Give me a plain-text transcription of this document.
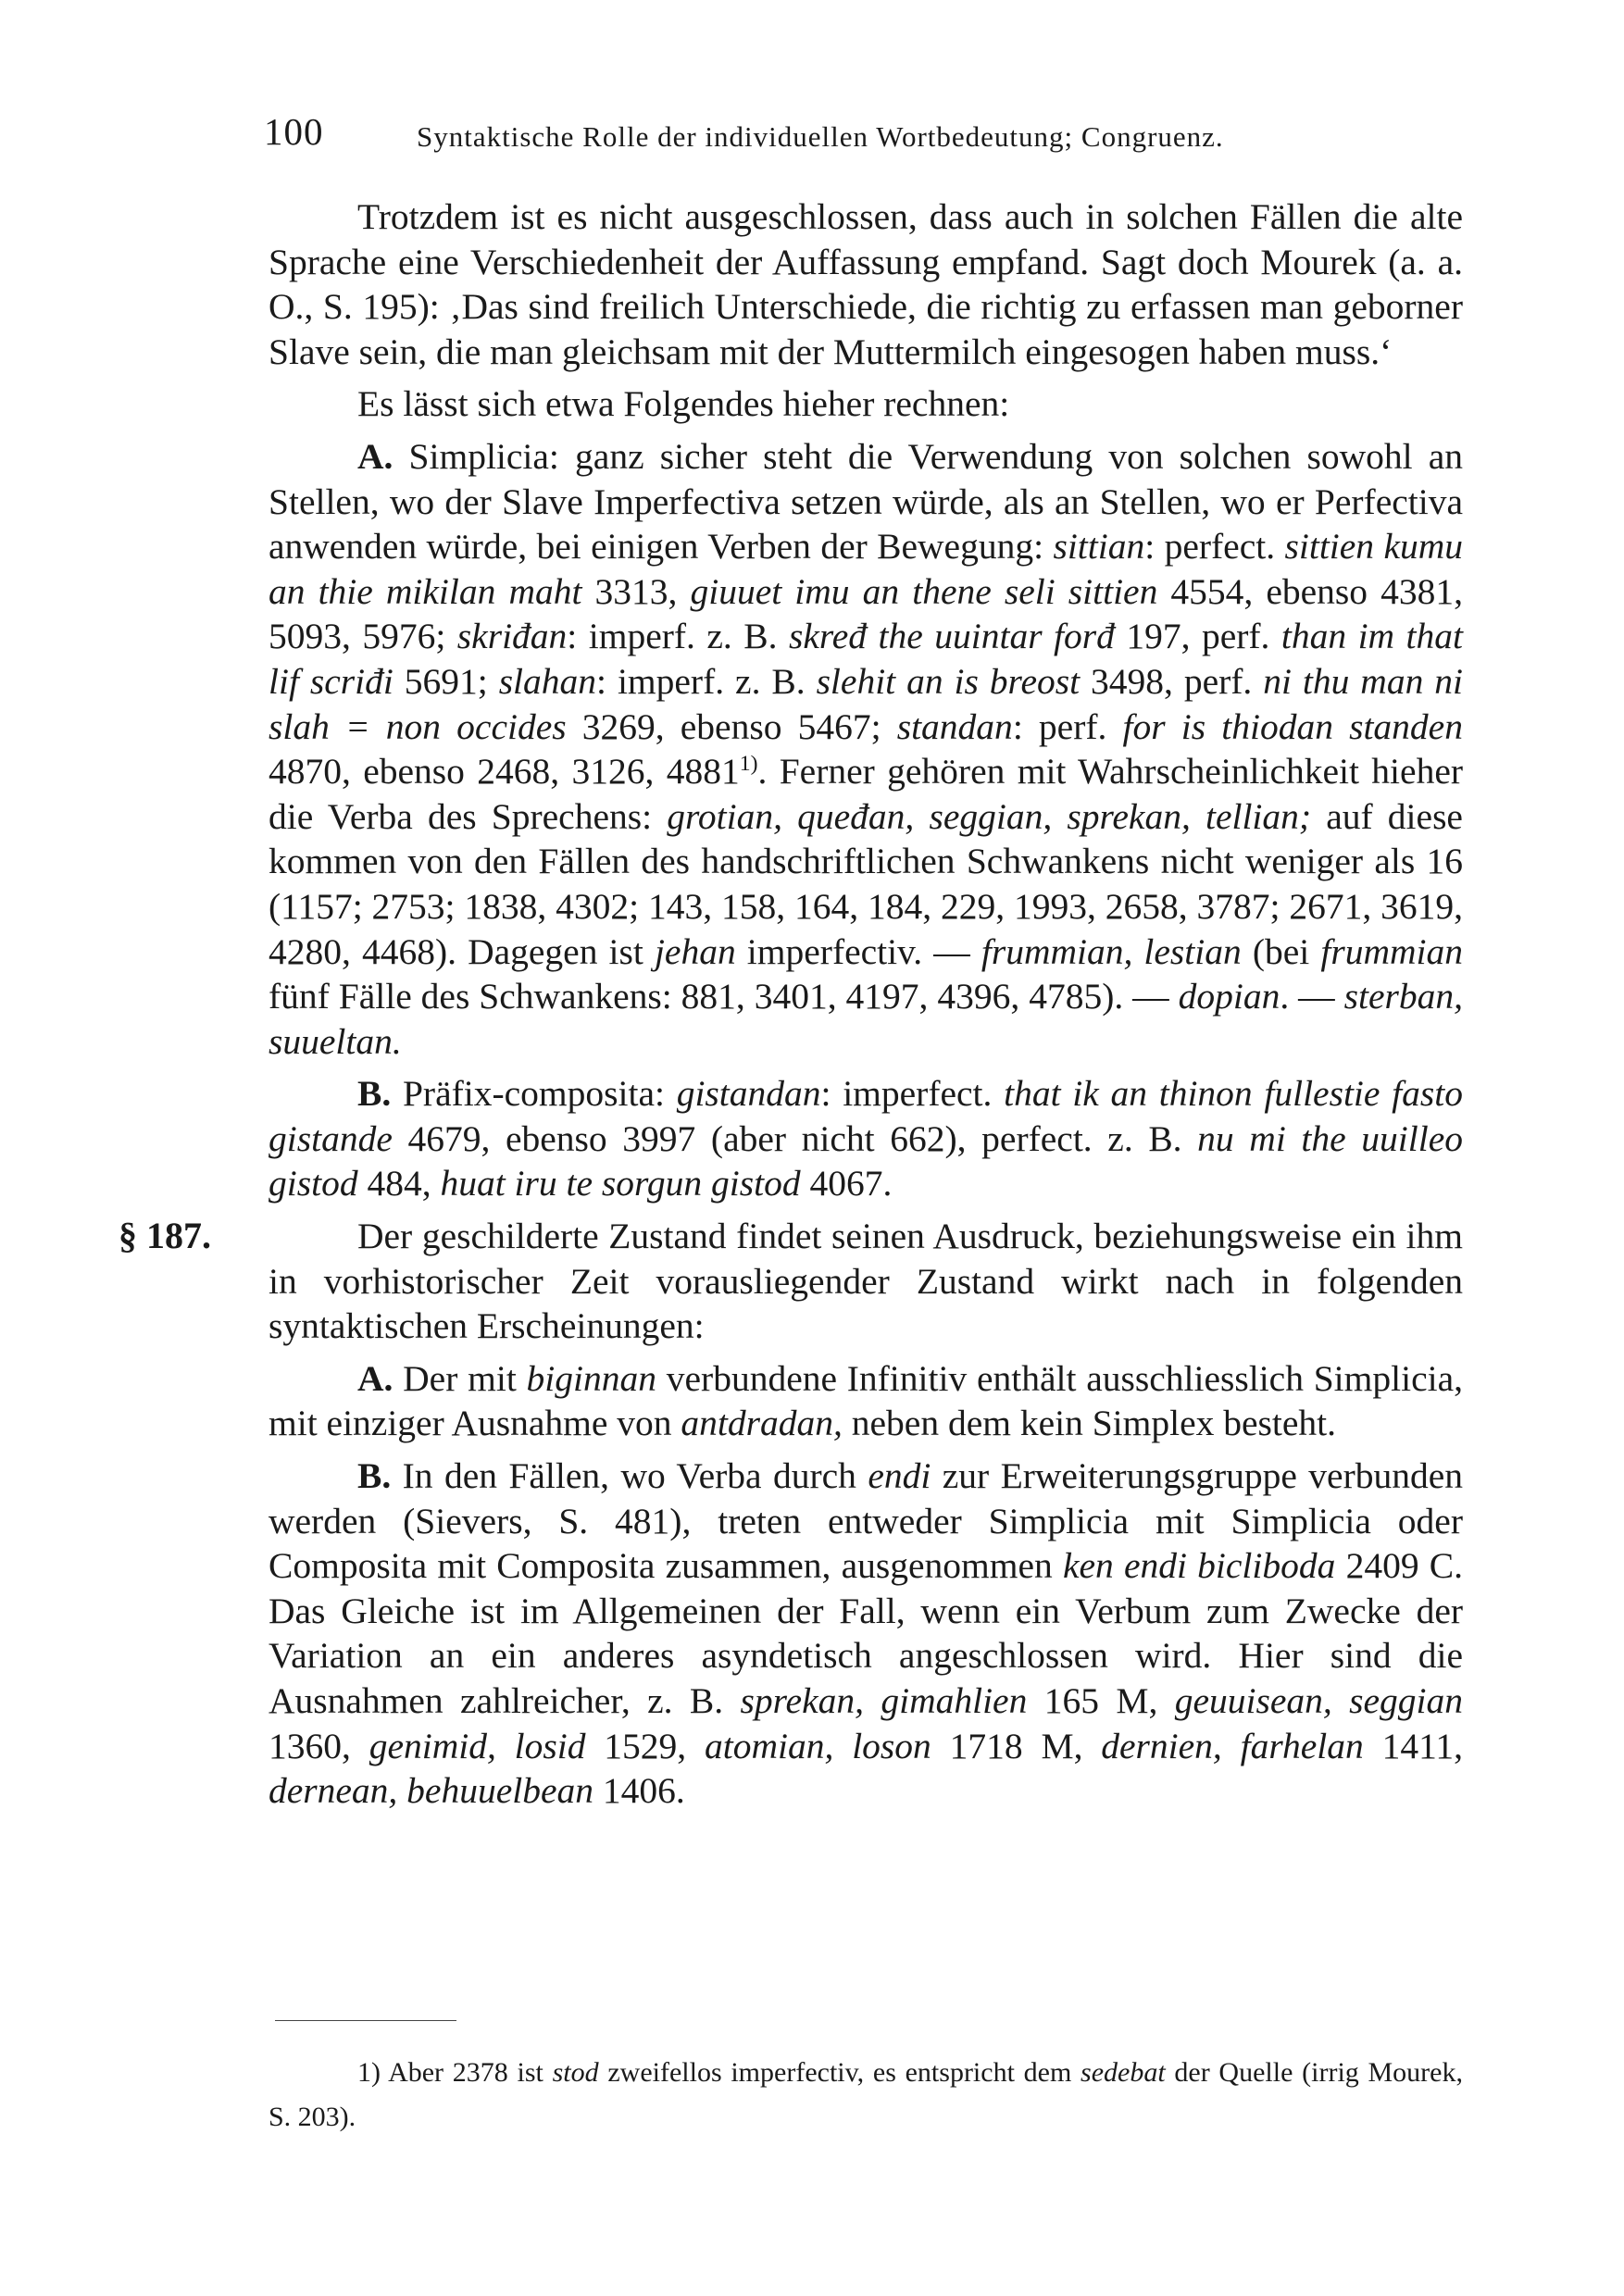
100	Syntaktische Rolle der individuellen Wortbedeutung; Congruenz.

Trotzdem ist es nicht ausgeschlossen, dass auch in solchen Fällen die alte Sprache eine Verschiedenheit der Auffassung empfand. Sagt doch Mourek (a. a. O., S. 195): ‚Das sind freilich Unterschiede, die richtig zu erfassen man geborner Slave sein, die man gleichsam mit der Muttermilch eingesogen haben muss.‘

Es lässt sich etwa Folgendes hieher rechnen:

A. Simplicia: ganz sicher steht die Verwendung von solchen sowohl an Stellen, wo der Slave Imperfectiva setzen würde, als an Stellen, wo er Perfectiva anwenden würde, bei einigen Verben der Bewegung: sittian: perfect. sittien kumu an thie mikilan maht 3313, giuuet imu an thene seli sittien 4554, ebenso 4381, 5093, 5976; skriđan: imperf. z. B. skređ the uuintar forđ 197, perf. than im that lif scriđi 5691; slahan: imperf. z. B. slehit an is breost 3498, perf. ni thu man ni slah = non occides 3269, ebenso 5467; standan: perf. for is thiodan standen 4870, ebenso 2468, 3126, 4881$^{1)}$. Ferner gehören mit Wahrscheinlichkeit hieher die Verba des Sprechens: grotian, queđan, seggian, sprekan, tellian; auf diese kommen von den Fällen des handschriftlichen Schwankens nicht weniger als 16 (1157; 2753; 1838, 4302; 143, 158, 164, 184, 229, 1993, 2658, 3787; 2671, 3619, 4280, 4468). Dagegen ist jehan imperfectiv. — frummian, lestian (bei frummian fünf Fälle des Schwankens: 881, 3401, 4197, 4396, 4785). — dopian. — sterban, suueltan.

B. Präfix-composita: gistandan: imperfect. that ik an thinon fullestie fasto gistande 4679, ebenso 3997 (aber nicht 662), perfect. z. B. nu mi the uuilleo gistod 484, huat iru te sorgun gistod 4067.

§ 187.	Der geschilderte Zustand findet seinen Ausdruck, beziehungsweise ein ihm in vorhistorischer Zeit vorausliegender Zustand wirkt nach in folgenden syntaktischen Erscheinungen:

A. Der mit biginnan verbundene Infinitiv enthält ausschliesslich Simplicia, mit einziger Ausnahme von antdradan, neben dem kein Simplex besteht.

B. In den Fällen, wo Verba durch endi zur Erweiterungsgruppe verbunden werden (Sievers, S. 481), treten entweder Simplicia mit Simplicia oder Composita mit Composita zusammen, ausgenommen ken endi bicliboda 2409 C. Das Gleiche ist im Allgemeinen der Fall, wenn ein Verbum zum Zwecke der Variation an ein anderes asyndetisch angeschlossen wird. Hier sind die Ausnahmen zahlreicher, z. B. sprekan, gimahlien 165 M, geuuisean, seggian 1360, genimid, losid 1529, atomian, loson 1718 M, dernien, farhelan 1411, dernean, behuuelbean 1406.

1) Aber 2378 ist stod zweifellos imperfectiv, es entspricht dem sedebat der Quelle (irrig Mourek, S. 203).
